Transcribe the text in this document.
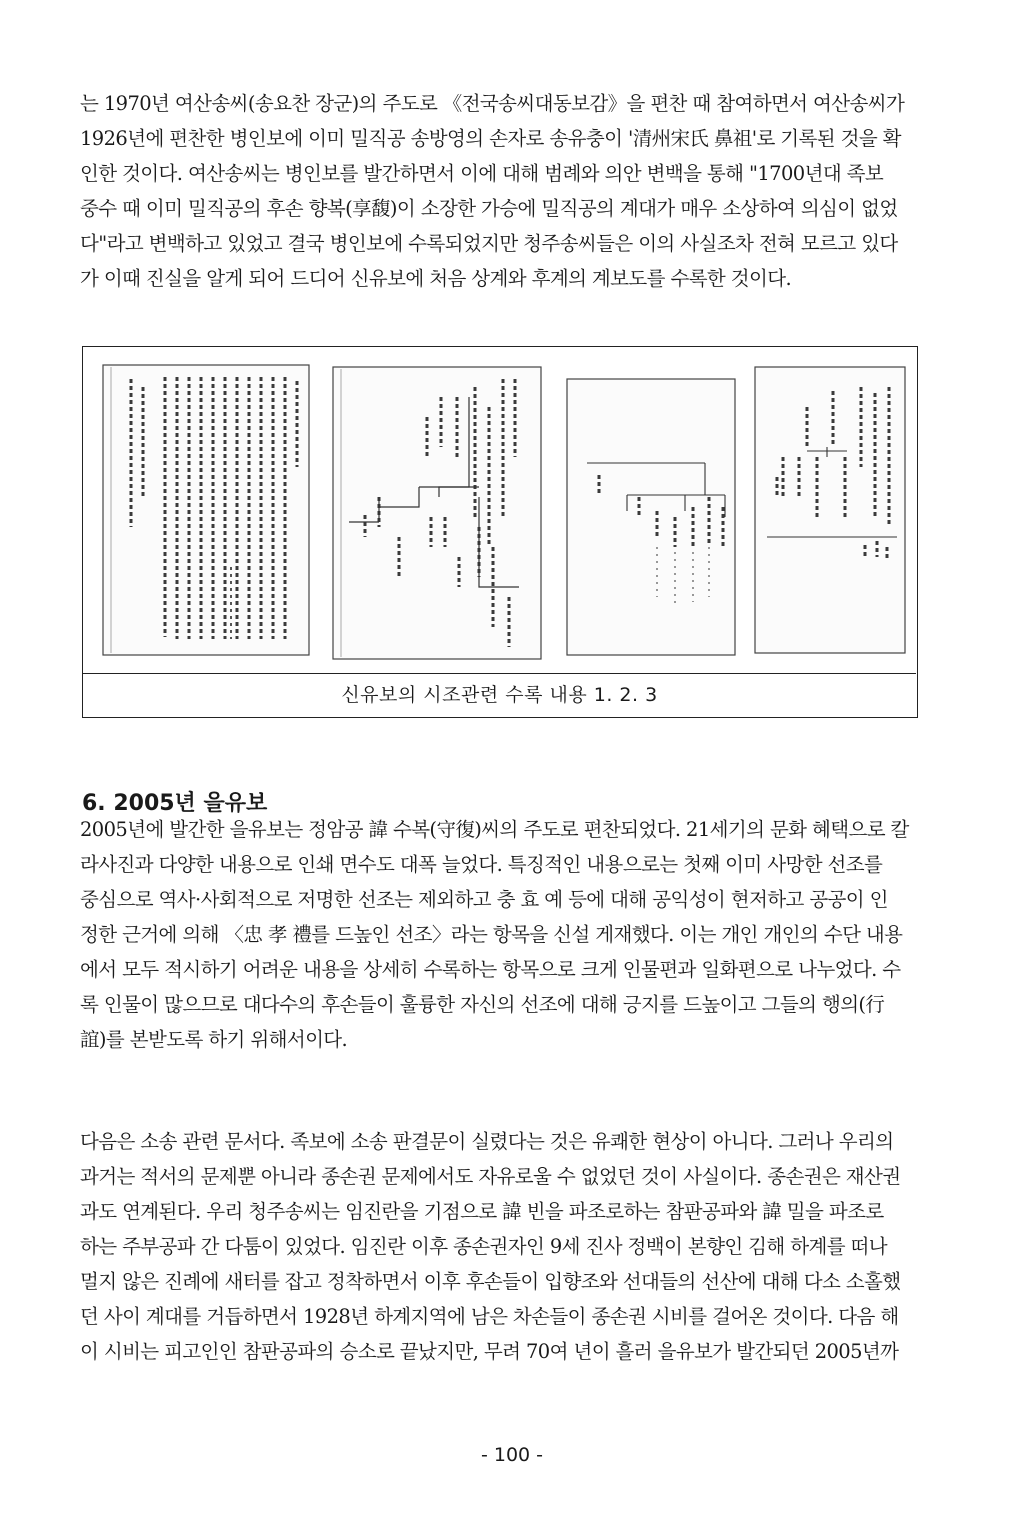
는 1970년 여산송씨(송요찬 장군)의 주도로 《전국송씨대동보감》을 편찬 때 참여하면서 여산송씨가
1926년에 편찬한 병인보에 이미 밀직공 송방영의 손자로 송유충이 '清州宋氏 鼻祖'로 기록된 것을 확
인한 것이다. 여산송씨는 병인보를 발간하면서 이에 대해 범례와 의안 변백을 통해 "1700년대 족보
중수 때 이미 밀직공의 후손 향복(享馥)이 소장한 가승에 밀직공의 계대가 매우 소상하여 의심이 없었
다"라고 변백하고 있었고 결국 병인보에 수록되었지만 청주송씨들은 이의 사실조차 전혀 모르고 있다
가 이때 진실을 알게 되어 드디어 신유보에 처음 상계와 후계의 계보도를 수록한 것이다.

신유보의 시조관련 수록 내용 1. 2. 3
6. 2005년 을유보

2005년에 발간한 을유보는 정암공 諱 수복(守復)씨의 주도로 편찬되었다. 21세기의 문화 혜택으로 칼
라사진과 다양한 내용으로 인쇄 면수도 대폭 늘었다. 특징적인 내용으로는 첫째 이미 사망한 선조를
중심으로 역사·사회적으로 저명한 선조는 제외하고 충 효 예 등에 대해 공익성이 현저하고 공공이 인
정한 근거에 의해 〈忠 孝 禮를 드높인 선조〉라는 항목을 신설 게재했다. 이는 개인 개인의 수단 내용
에서 모두 적시하기 어려운 내용을 상세히 수록하는 항목으로 크게 인물편과 일화편으로 나누었다. 수
록 인물이 많으므로 대다수의 후손들이 훌륭한 자신의 선조에 대해 긍지를 드높이고 그들의 행의(行
誼)를 본받도록 하기 위해서이다.

다음은 소송 관련 문서다. 족보에 소송 판결문이 실렸다는 것은 유쾌한 현상이 아니다. 그러나 우리의
과거는 적서의 문제뿐 아니라 종손권 문제에서도 자유로울 수 없었던 것이 사실이다. 종손권은 재산권
과도 연계된다. 우리 청주송씨는 임진란을 기점으로 諱 빈을 파조로하는 참판공파와 諱 밀을 파조로
하는 주부공파 간 다툼이 있었다. 임진란 이후 종손권자인 9세 진사 정백이 본향인 김해 하계를 떠나
멀지 않은 진례에 새터를 잡고 정착하면서 이후 후손들이 입향조와 선대들의 선산에 대해 다소 소홀했
던 사이 계대를 거듭하면서 1928년 하계지역에 남은 차손들이 종손권 시비를 걸어온 것이다. 다음 해
이 시비는 피고인인 참판공파의 승소로 끝났지만, 무려 70여 년이 흘러 을유보가 발간되던 2005년까

- 100 -
